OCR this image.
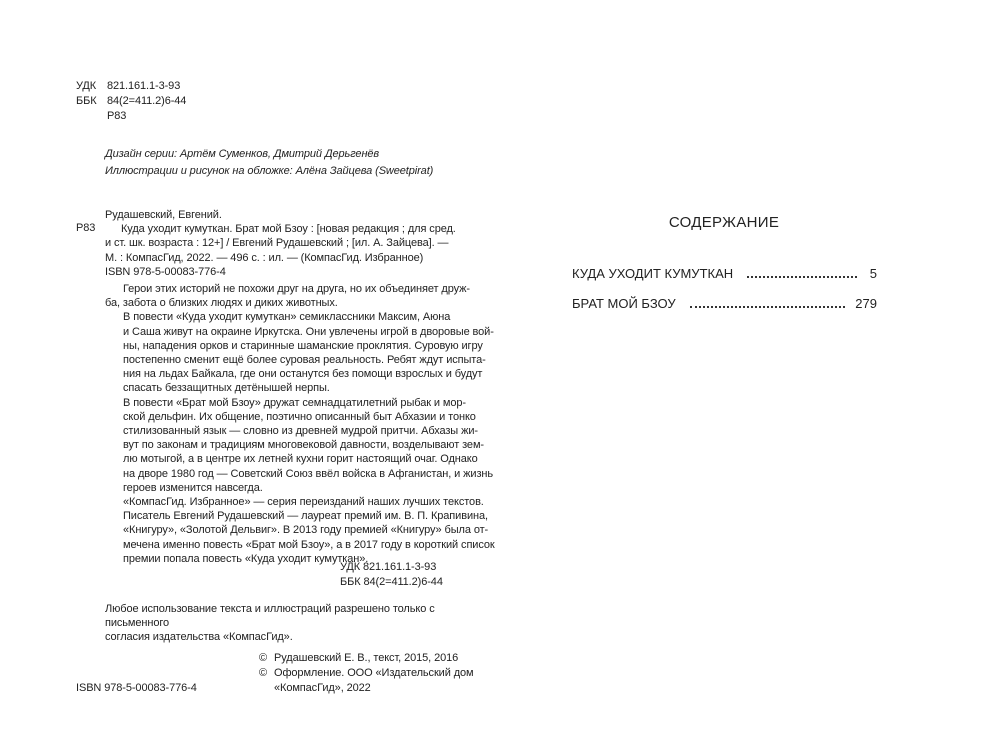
УДК 821.161.1-3-93
ББК 84(2=411.2)6-44
Р83
Дизайн серии: Артём Суменков, Дмитрий Дерьгенёв
Иллюстрации и рисунок на обложке: Алёна Зайцева (Sweetpirat)
Р83
Рудашевский, Евгений.
Куда уходит кумуткан. Брат мой Бзоу : [новая редакция ; для сред.
и ст. шк. возраста : 12+] / Евгений Рудашевский ; [ил. А. Зайцева]. —
М. : КомпасГид, 2022. — 496 с. : ил. — (КомпасГид. Избранное)
ISBN 978-5-00083-776-4

Герои этих историй не похожи друг на друга, но их объединяет друж-
ба, забота о близких людях и диких животных.

В повести «Куда уходит кумуткан» семиклассники Максим, Аюна
и Саша живут на окраине Иркутска. Они увлечены игрой в дворовые вой-
ны, нападения орков и старинные шаманские проклятия. Суровую игру
постепенно сменит ещё более суровая реальность. Ребят ждут испыта-
ния на льдах Байкала, где они останутся без помощи взрослых и будут
спасать беззащитных детёнышей нерпы.

В повести «Брат мой Бзоу» дружат семнадцатилетний рыбак и мор-
ской дельфин. Их общение, поэтично описанный быт Абхазии и тонко
стилизованный язык — словно из древней мудрой притчи. Абхазы жи-
вут по законам и традициям многовековой давности, возделывают зем-
лю мотыгой, а в центре их летней кухни горит настоящий очаг. Однако
на дворе 1980 год — Советский Союз ввёл войска в Афганистан, и жизнь
героев изменится навсегда.

«КомпасГид. Избранное» — серия переизданий наших лучших текстов.
Писатель Евгений Рудашевский — лауреат премий им. В. П. Крапивина,
«Книгуру», «Золотой Дельвиг». В 2013 году премией «Книгуру» была от-
мечена именно повесть «Брат мой Бзоу», а в 2017 году в короткий список
премии попала повесть «Куда уходит кумуткан».

УДК 821.161.1-3-93
ББК 84(2=411.2)6-44
Любое использование текста и иллюстраций разрешено только с письменного
согласия издательства «КомпасГид».
© Рудашевский Е. В., текст, 2015, 2016
© Оформление. ООО «Издательский дом
«КомпасГид», 2022
ISBN 978-5-00083-776-4
СОДЕРЖАНИЕ
КУДА УХОДИТ КУМУТКАН	5
БРАТ МОЙ БЗОУ	279
